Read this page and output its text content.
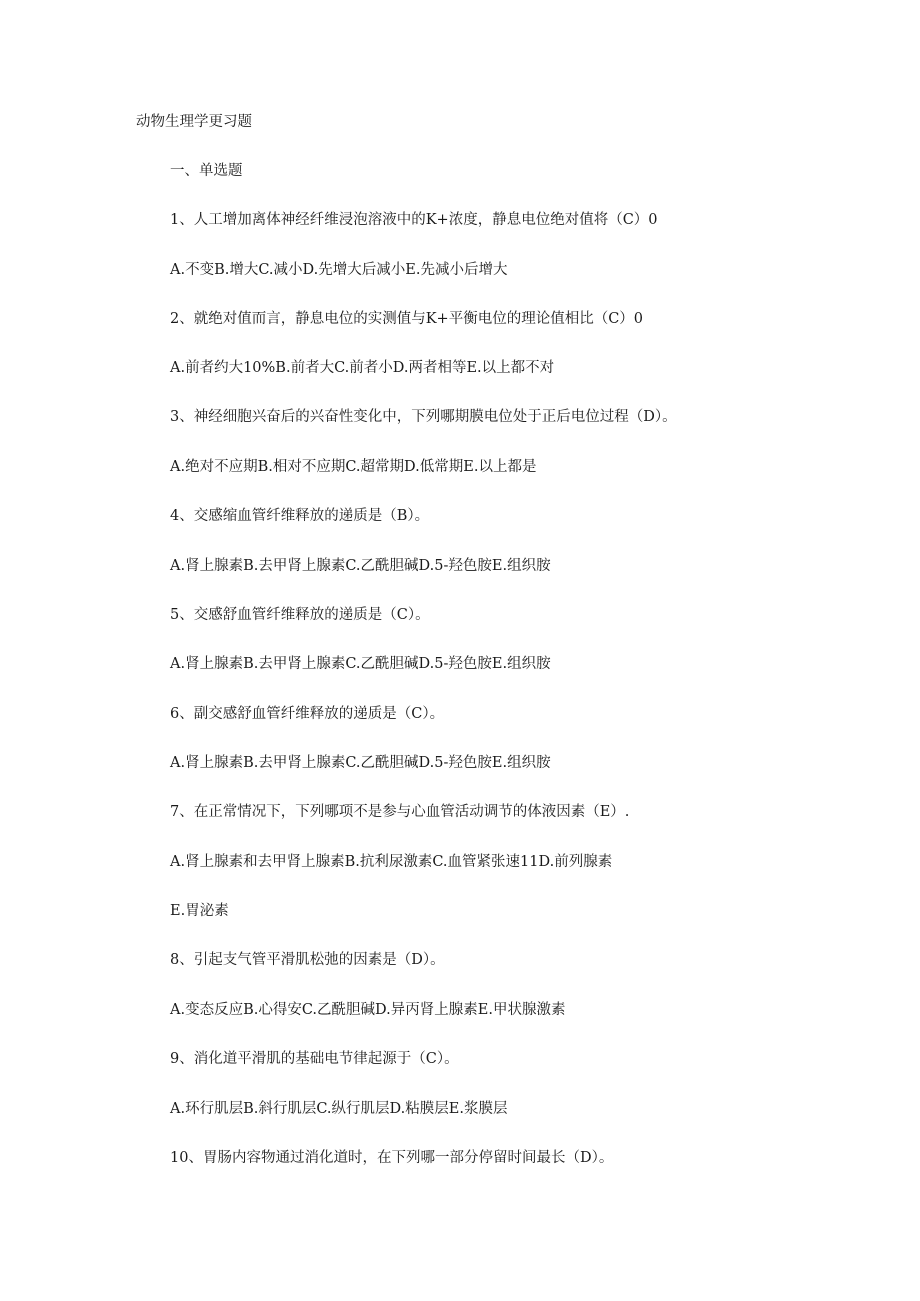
动物生理学更习题
一、单选题
1、人工增加离体神经纤维浸泡溶液中的K+浓度，静息电位绝对值将（C）0
A.不变B.增大C.减小D.先增大后减小E.先减小后增大
2、就绝对值而言，静息电位的实测值与K+平衡电位的理论值相比（C）0
A.前者约大10%B.前者大C.前者小D.两者相等E.以上都不对
3、神经细胞兴奋后的兴奋性变化中，下列哪期膜电位处于正后电位过程（D）。
A.绝对不应期B.相对不应期C.超常期D.低常期E.以上都是
4、交感缩血管纤维释放的递质是（B）。
A.肾上腺素B.去甲肾上腺素C.乙酰胆碱D.5-羟色胺E.组织胺
5、交感舒血管纤维释放的递质是（C）。
A.肾上腺素B.去甲肾上腺素C.乙酰胆碱D.5-羟色胺E.组织胺
6、副交感舒血管纤维释放的递质是（C）。
A.肾上腺素B.去甲肾上腺素C.乙酰胆碱D.5-羟色胺E.组织胺
7、在正常情况下，下列哪项不是参与心血管活动调节的体液因素（E）.
A.肾上腺素和去甲肾上腺素B.抗利尿激素C.血管紧张速11D.前列腺素
E.胃泌素
8、引起支气管平滑肌松弛的因素是（D）。
A.变态反应B.心得安C.乙酰胆碱D.异丙肾上腺素E.甲状腺激素
9、消化道平滑肌的基础电节律起源于（C）。
A.环行肌层B.斜行肌层C.纵行肌层D.粘膜层E.浆膜层
10、胃肠内容物通过消化道时，在下列哪一部分停留时间最长（D）。
